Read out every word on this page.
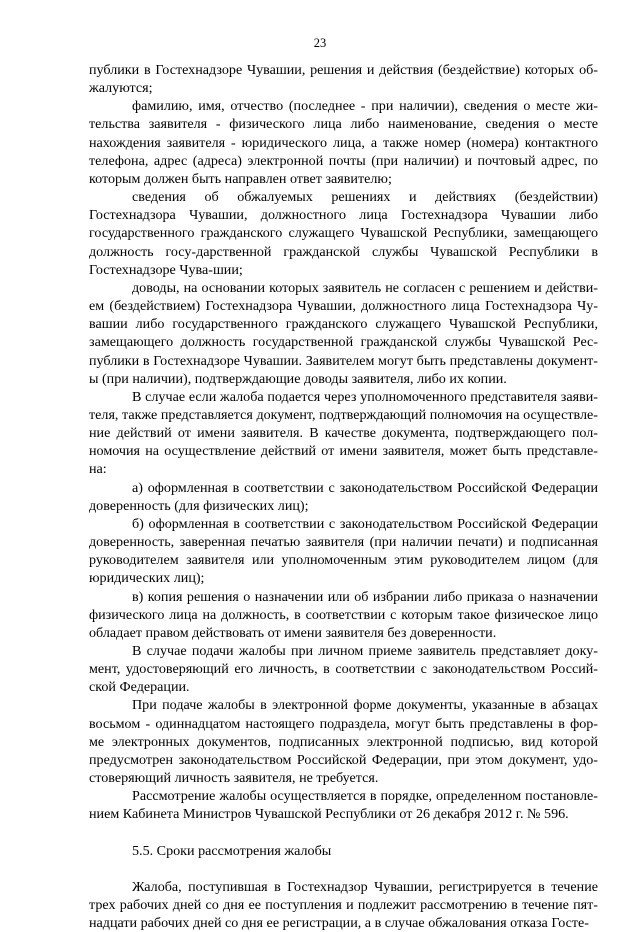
23

публики в Гостехнадзоре Чувашии, решения и действия (бездействие) которых об-жалуются;

фамилию, имя, отчество (последнее - при наличии), сведения о месте жи-тельства заявителя - физического лица либо наименование, сведения о месте нахождения заявителя - юридического лица, а также номер (номера) контактного телефона, адрес (адреса) электронной почты (при наличии) и почтовый адрес, по которым должен быть направлен ответ заявителю;

сведения об обжалуемых решениях и действиях (бездействии) Гостехнадзора Чувашии, должностного лица Гостехнадзора Чувашии либо государственного гражданского служащего Чувашской Республики, замещающего должность госу-дарственной гражданской службы Чувашской Республики в Гостехнадзоре Чува-шии;

доводы, на основании которых заявитель не согласен с решением и действи-ем (бездействием) Гостехнадзора Чувашии, должностного лица Гостехнадзора Чу-вашии либо государственного гражданского служащего Чувашской Республики, замещающего должность государственной гражданской службы Чувашской Рес-публики в Гостехнадзоре Чувашии. Заявителем могут быть представлены документ-ы (при наличии), подтверждающие доводы заявителя, либо их копии.

В случае если жалоба подается через уполномоченного представителя заяви-теля, также представляется документ, подтверждающий полномочия на осуществле-ние действий от имени заявителя. В качестве документа, подтверждающего пол-номочия на осуществление действий от имени заявителя, может быть представле-на:

а) оформленная в соответствии с законодательством Российской Федерации доверенность (для физических лиц);

б) оформленная в соответствии с законодательством Российской Федерации доверенность, заверенная печатью заявителя (при наличии печати) и подписанная руководителем заявителя или уполномоченным этим руководителем лицом (для юридических лиц);

в) копия решения о назначении или об избрании либо приказа о назначении физического лица на должность, в соответствии с которым такое физическое лицо обладает правом действовать от имени заявителя без доверенности.

В случае подачи жалобы при личном приеме заявитель представляет доку-мент, удостоверяющий его личность, в соответствии с законодательством Россий-ской Федерации.

При подаче жалобы в электронной форме документы, указанные в абзацах восьмом - одиннадцатом настоящего подраздела, могут быть представлены в фор-ме электронных документов, подписанных электронной подписью, вид которой предусмотрен законодательством Российской Федерации, при этом документ, удо-стоверяющий личность заявителя, не требуется.

Рассмотрение жалобы осуществляется в порядке, определенном постановле-нием Кабинета Министров Чувашской Республики от 26 декабря 2012 г. № 596.

5.5. Сроки рассмотрения жалобы

Жалоба, поступившая в Гостехнадзор Чувашии, регистрируется в течение трех рабочих дней со дня ее поступления и подлежит рассмотрению в течение пят-надцати рабочих дней со дня ее регистрации, а в случае обжалования отказа Госте-
